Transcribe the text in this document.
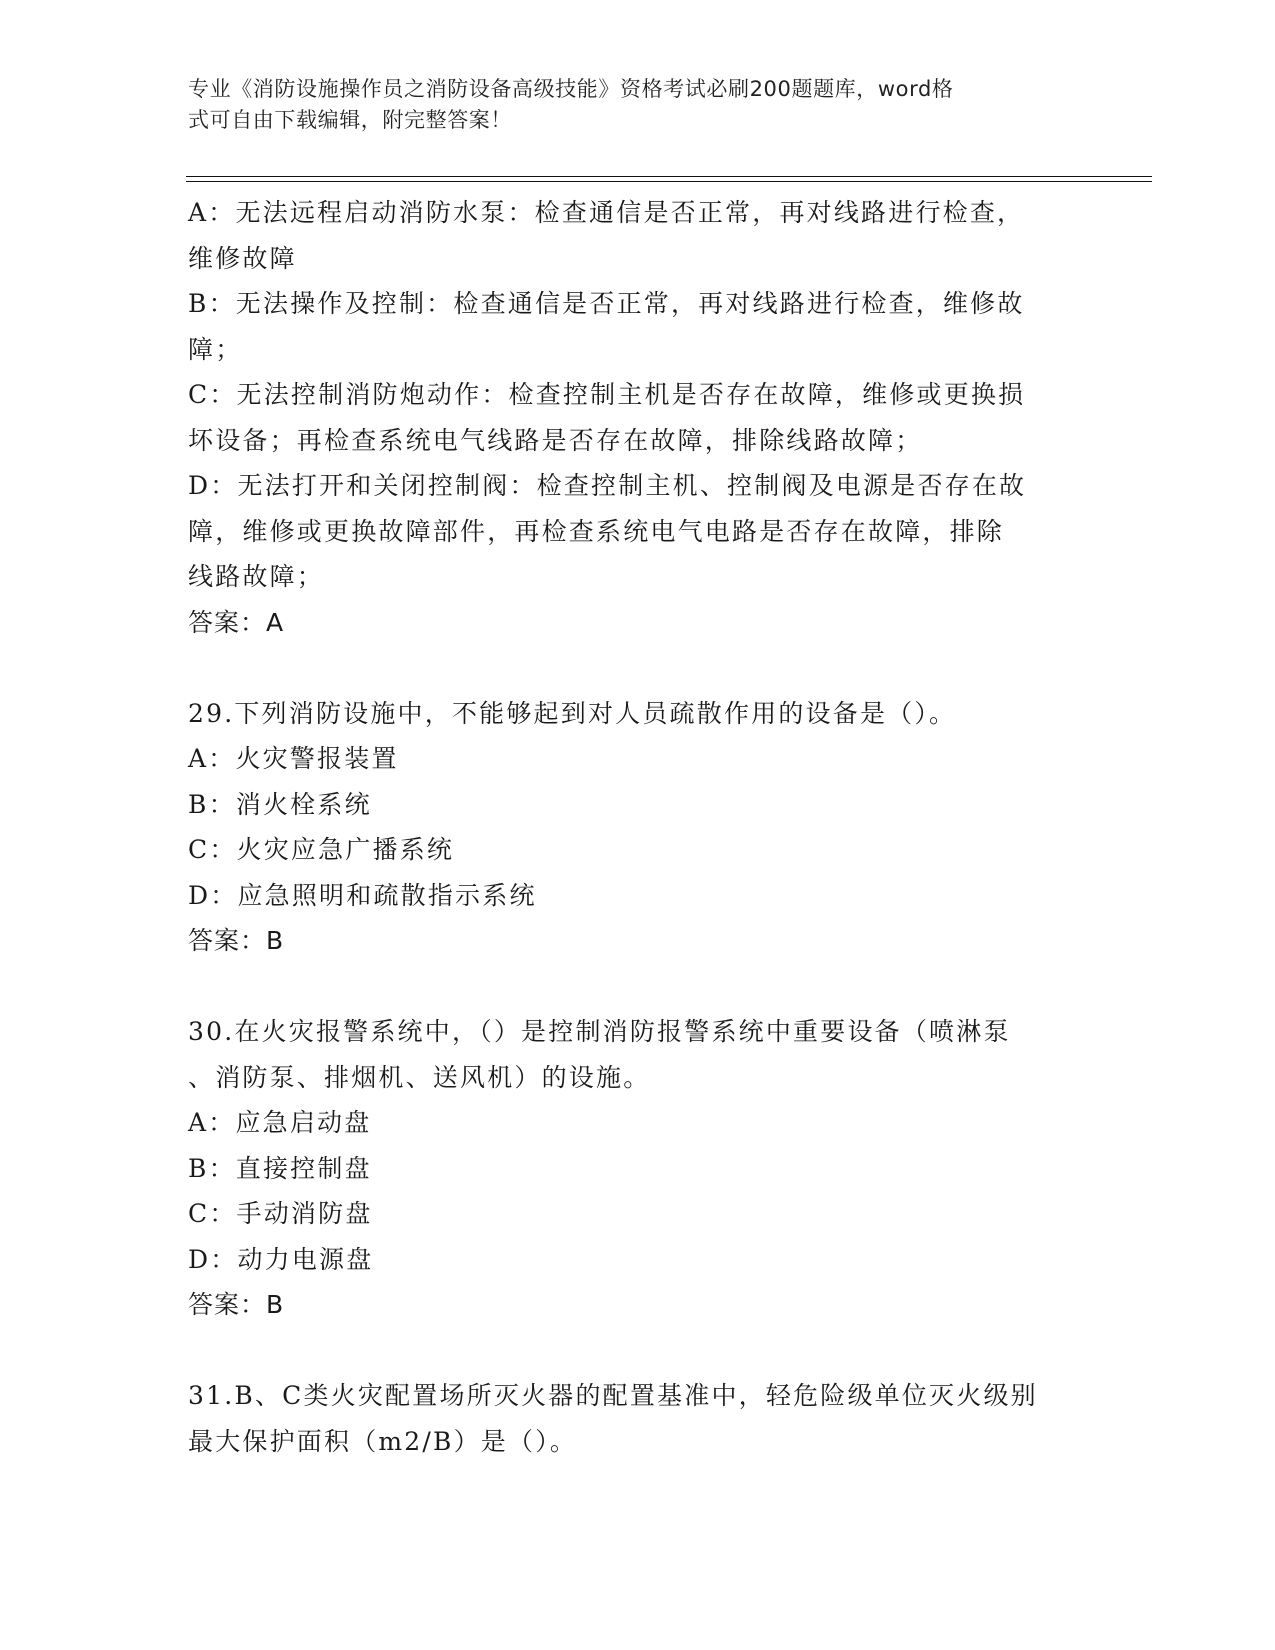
专业《消防设施操作员之消防设备高级技能》资格考试必刷200题题库，word格
式可自由下载编辑，附完整答案！
A：无法远程启动消防水泵：检查通信是否正常，再对线路进行检查，
维修故障
B：无法操作及控制：检查通信是否正常，再对线路进行检查，维修故
障；
C：无法控制消防炮动作：检查控制主机是否存在故障，维修或更换损
坏设备；再检查系统电气线路是否存在故障，排除线路故障；
D：无法打开和关闭控制阀：检查控制主机、控制阀及电源是否存在故
障，维修或更换故障部件，再检查系统电气电路是否存在故障，排除
线路故障；
答案：A
29.下列消防设施中，不能够起到对人员疏散作用的设备是（）。
A：火灾警报装置
B：消火栓系统
C：火灾应急广播系统
D：应急照明和疏散指示系统
答案：B
30.在火灾报警系统中，（）是控制消防报警系统中重要设备（喷淋泵
、消防泵、排烟机、送风机）的设施。
A：应急启动盘
B：直接控制盘
C：手动消防盘
D：动力电源盘
答案：B
31.B、C类火灾配置场所灭火器的配置基准中，轻危险级单位灭火级别
最大保护面积（m2/B）是（）。
